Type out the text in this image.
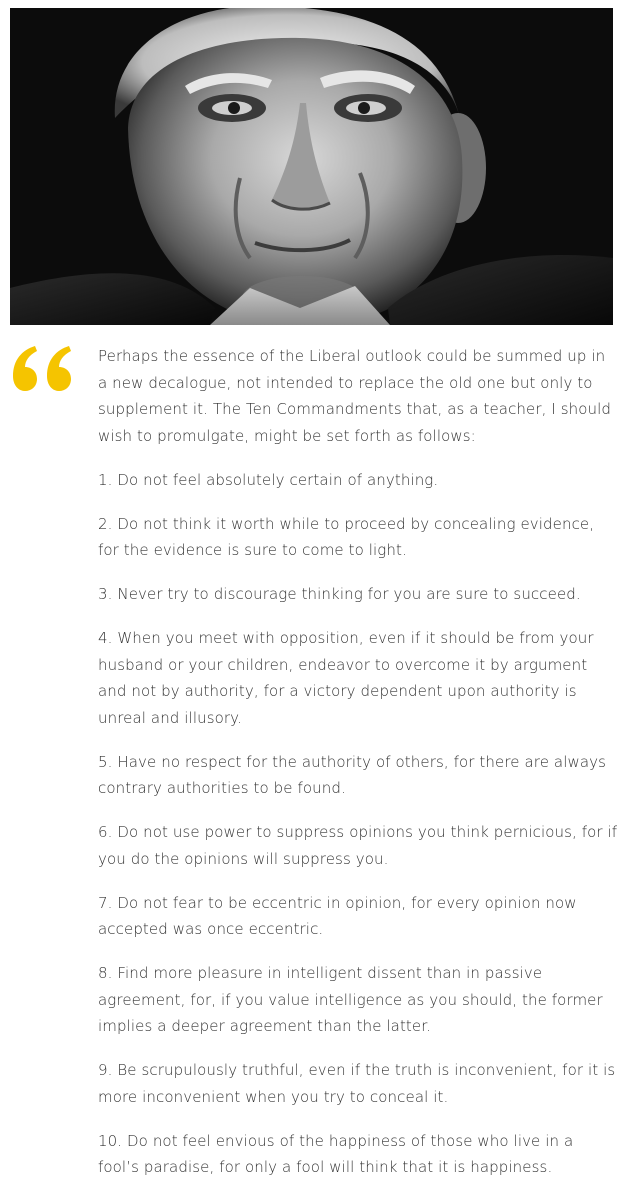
Perhaps the essence of the Liberal outlook could be summed up in a new decalogue, not intended to replace the old one but only to supplement it. The Ten Commandments that, as a teacher, I should wish to promulgate, might be set forth as follows:

1. Do not feel absolutely certain of anything.

2. Do not think it worth while to proceed by concealing evidence, for the evidence is sure to come to light.

3. Never try to discourage thinking for you are sure to succeed.

4. When you meet with opposition, even if it should be from your husband or your children, endeavor to overcome it by argument and not by authority, for a victory dependent upon authority is unreal and illusory.

5. Have no respect for the authority of others, for there are always contrary authorities to be found.

6. Do not use power to suppress opinions you think pernicious, for if you do the opinions will suppress you.

7. Do not fear to be eccentric in opinion, for every opinion now accepted was once eccentric.

8. Find more pleasure in intelligent dissent than in passive agreement, for, if you value intelligence as you should, the former implies a deeper agreement than the latter.

9. Be scrupulously truthful, even if the truth is inconvenient, for it is more inconvenient when you try to conceal it.

10. Do not feel envious of the happiness of those who live in a fool’s paradise, for only a fool will think that it is happiness.
